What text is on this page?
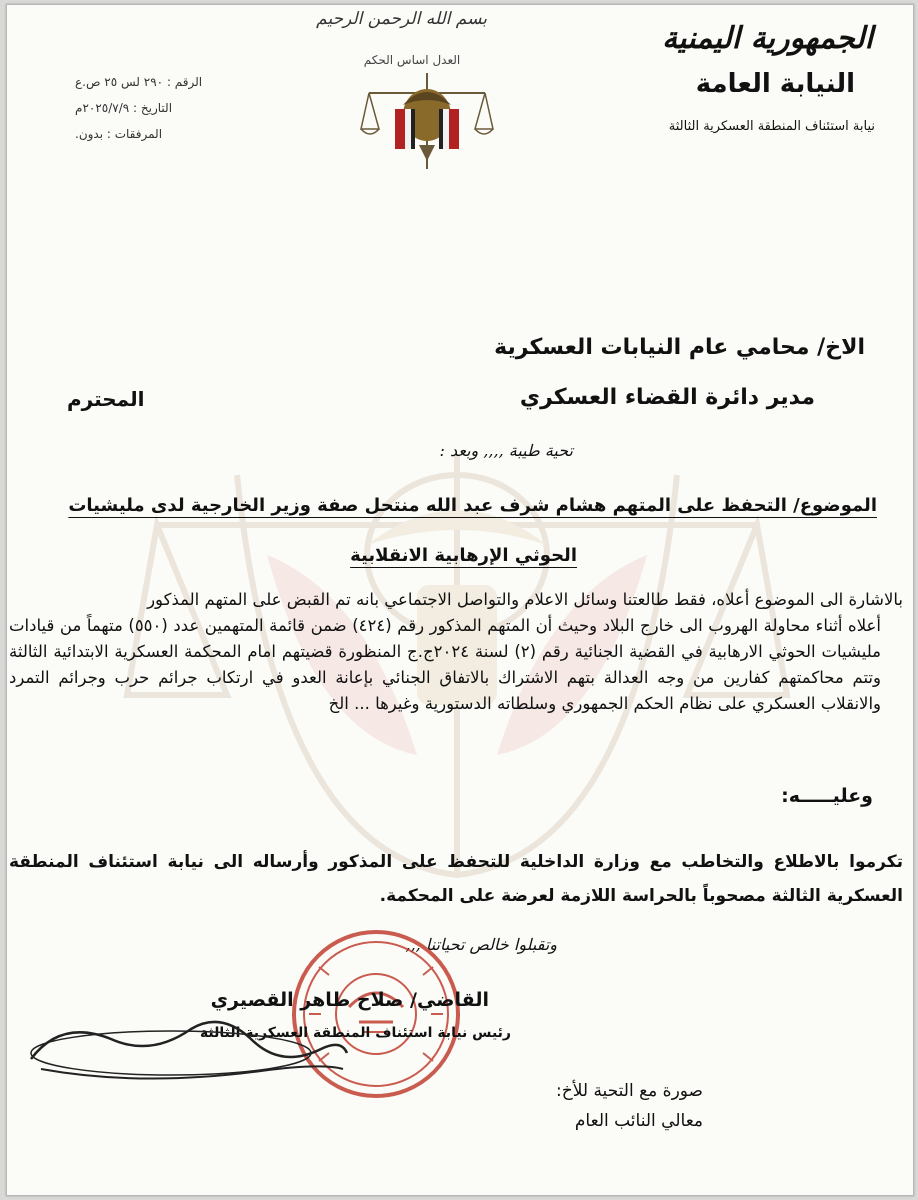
بسم الله الرحمن الرحيم
العدل اساس الحكم
الجمهورية اليمنية
النيابة العامة
نيابة استئناف المنطقة العسكرية الثالثة
الرقم : ٢٩٠ لس ٢٥ ص.ع
التاريخ : ٢٠٢٥/٧/٩م
المرفقات : بدون.
الاخ/ محامي عام النيابات العسكرية
مدير دائرة القضاء العسكري
المحترم
تحية طيبة ,,,, وبعد :
الموضوع/ التحفظ على المتهم هشام شرف عبد الله منتحل صفة وزير الخارجية لدى مليشيات
الحوثي الإرهابية الانقلابية

بالاشارة الى الموضوع أعلاه، فقط طالعتنا وسائل الاعلام والتواصل الاجتماعي بانه تم القبض على المتهم المذكور

أعلاه أثناء محاولة الهروب الى خارج البلاد وحيث أن المتهم المذكور رقم (٤٢٤) ضمن قائمة المتهمين عدد (٥٥٠) متهماً من قيادات مليشيات الحوثي الارهابية في القضية الجنائية رقم (٢) لسنة ٢٠٢٤ج.ج المنظورة قضيتهم امام المحكمة العسكرية الابتدائية الثالثة وتتم محاكمتهم كفارين من وجه العدالة بتهم الاشتراك بالاتفاق الجنائي بإعانة العدو في ارتكاب جرائم حرب وجرائم التمرد والانقلاب العسكري على نظام الحكم الجمهوري وسلطاته الدستورية وغيرها ... الخ

وعليـــــه:
تكرموا بالاطلاع والتخاطب مع وزارة الداخلية للتحفظ على المذكور وأرساله الى نيابة استئناف المنطقة العسكرية الثالثة مصحوباً بالحراسة اللازمة لعرضة على المحكمة.
وتقبلوا خالص تحياتنا ,,,
القاضي/ صلاح طاهر القصيري
رئيس نيابة استئناف المنطقة العسكرية الثالثة
صورة مع التحية للأخ:
معالي النائب العام
